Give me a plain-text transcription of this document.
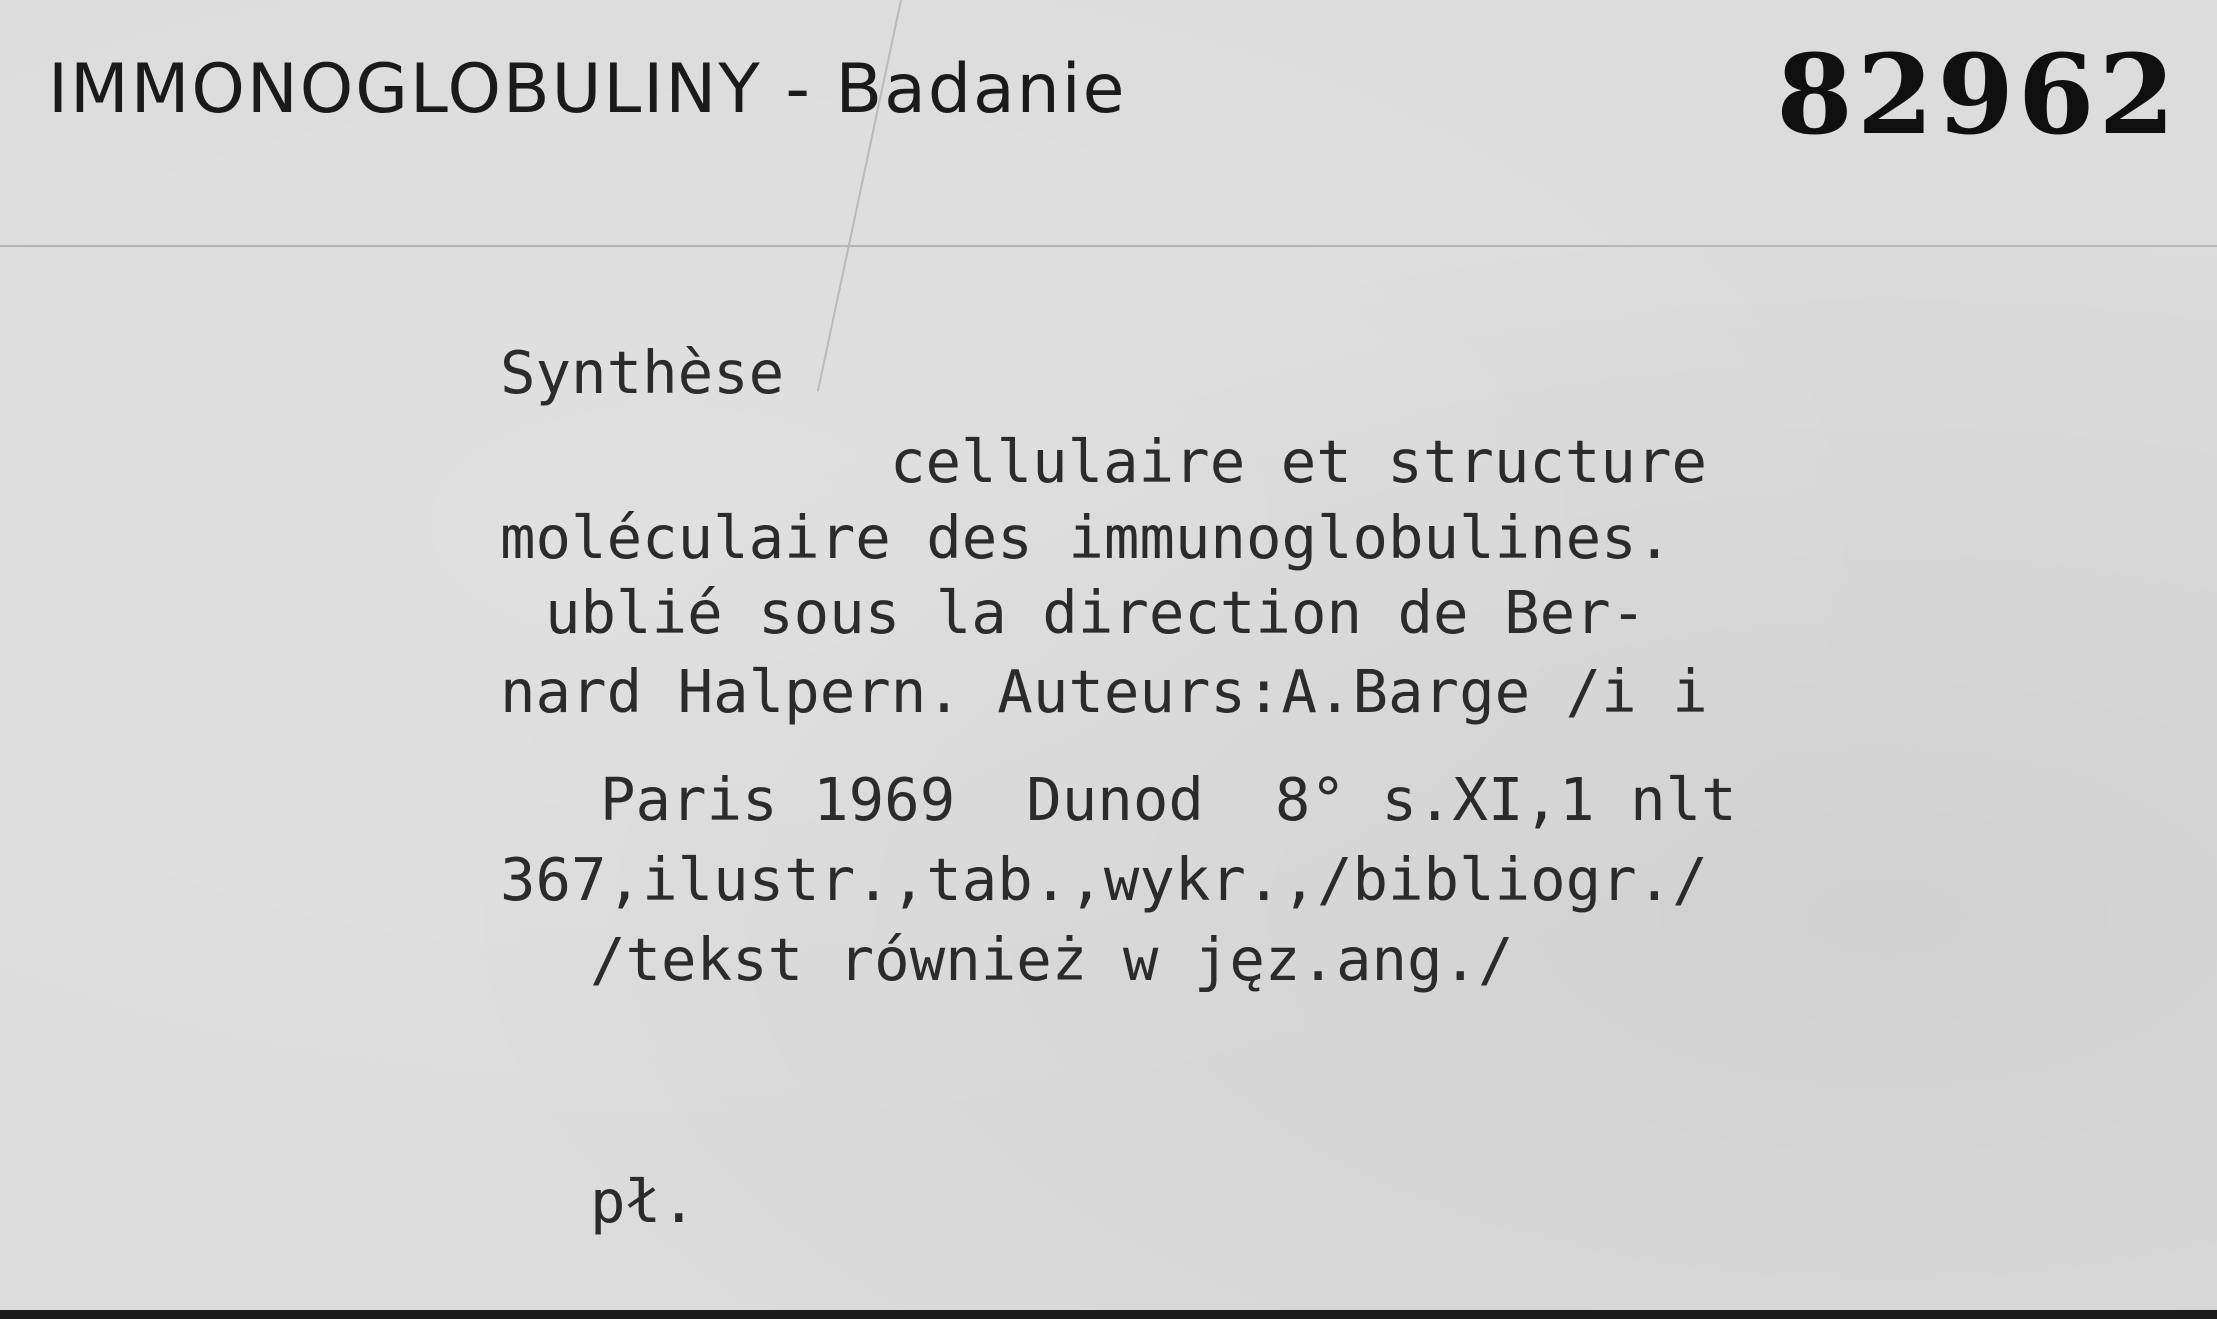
IMMONOGLOBULINY - Badanie	82962
Synthèse
cellulaire et structure
moléculaire des immunoglobulines.
ublié sous la direction de Ber-
nard Halpern. Auteurs:A.Barge /i i
Paris 1969  Dunod  8° s.XI,1 nlt
367,ilustr.,tab.,wykr.,/bibliogr./
/tekst również w jęz.ang./
pł.
